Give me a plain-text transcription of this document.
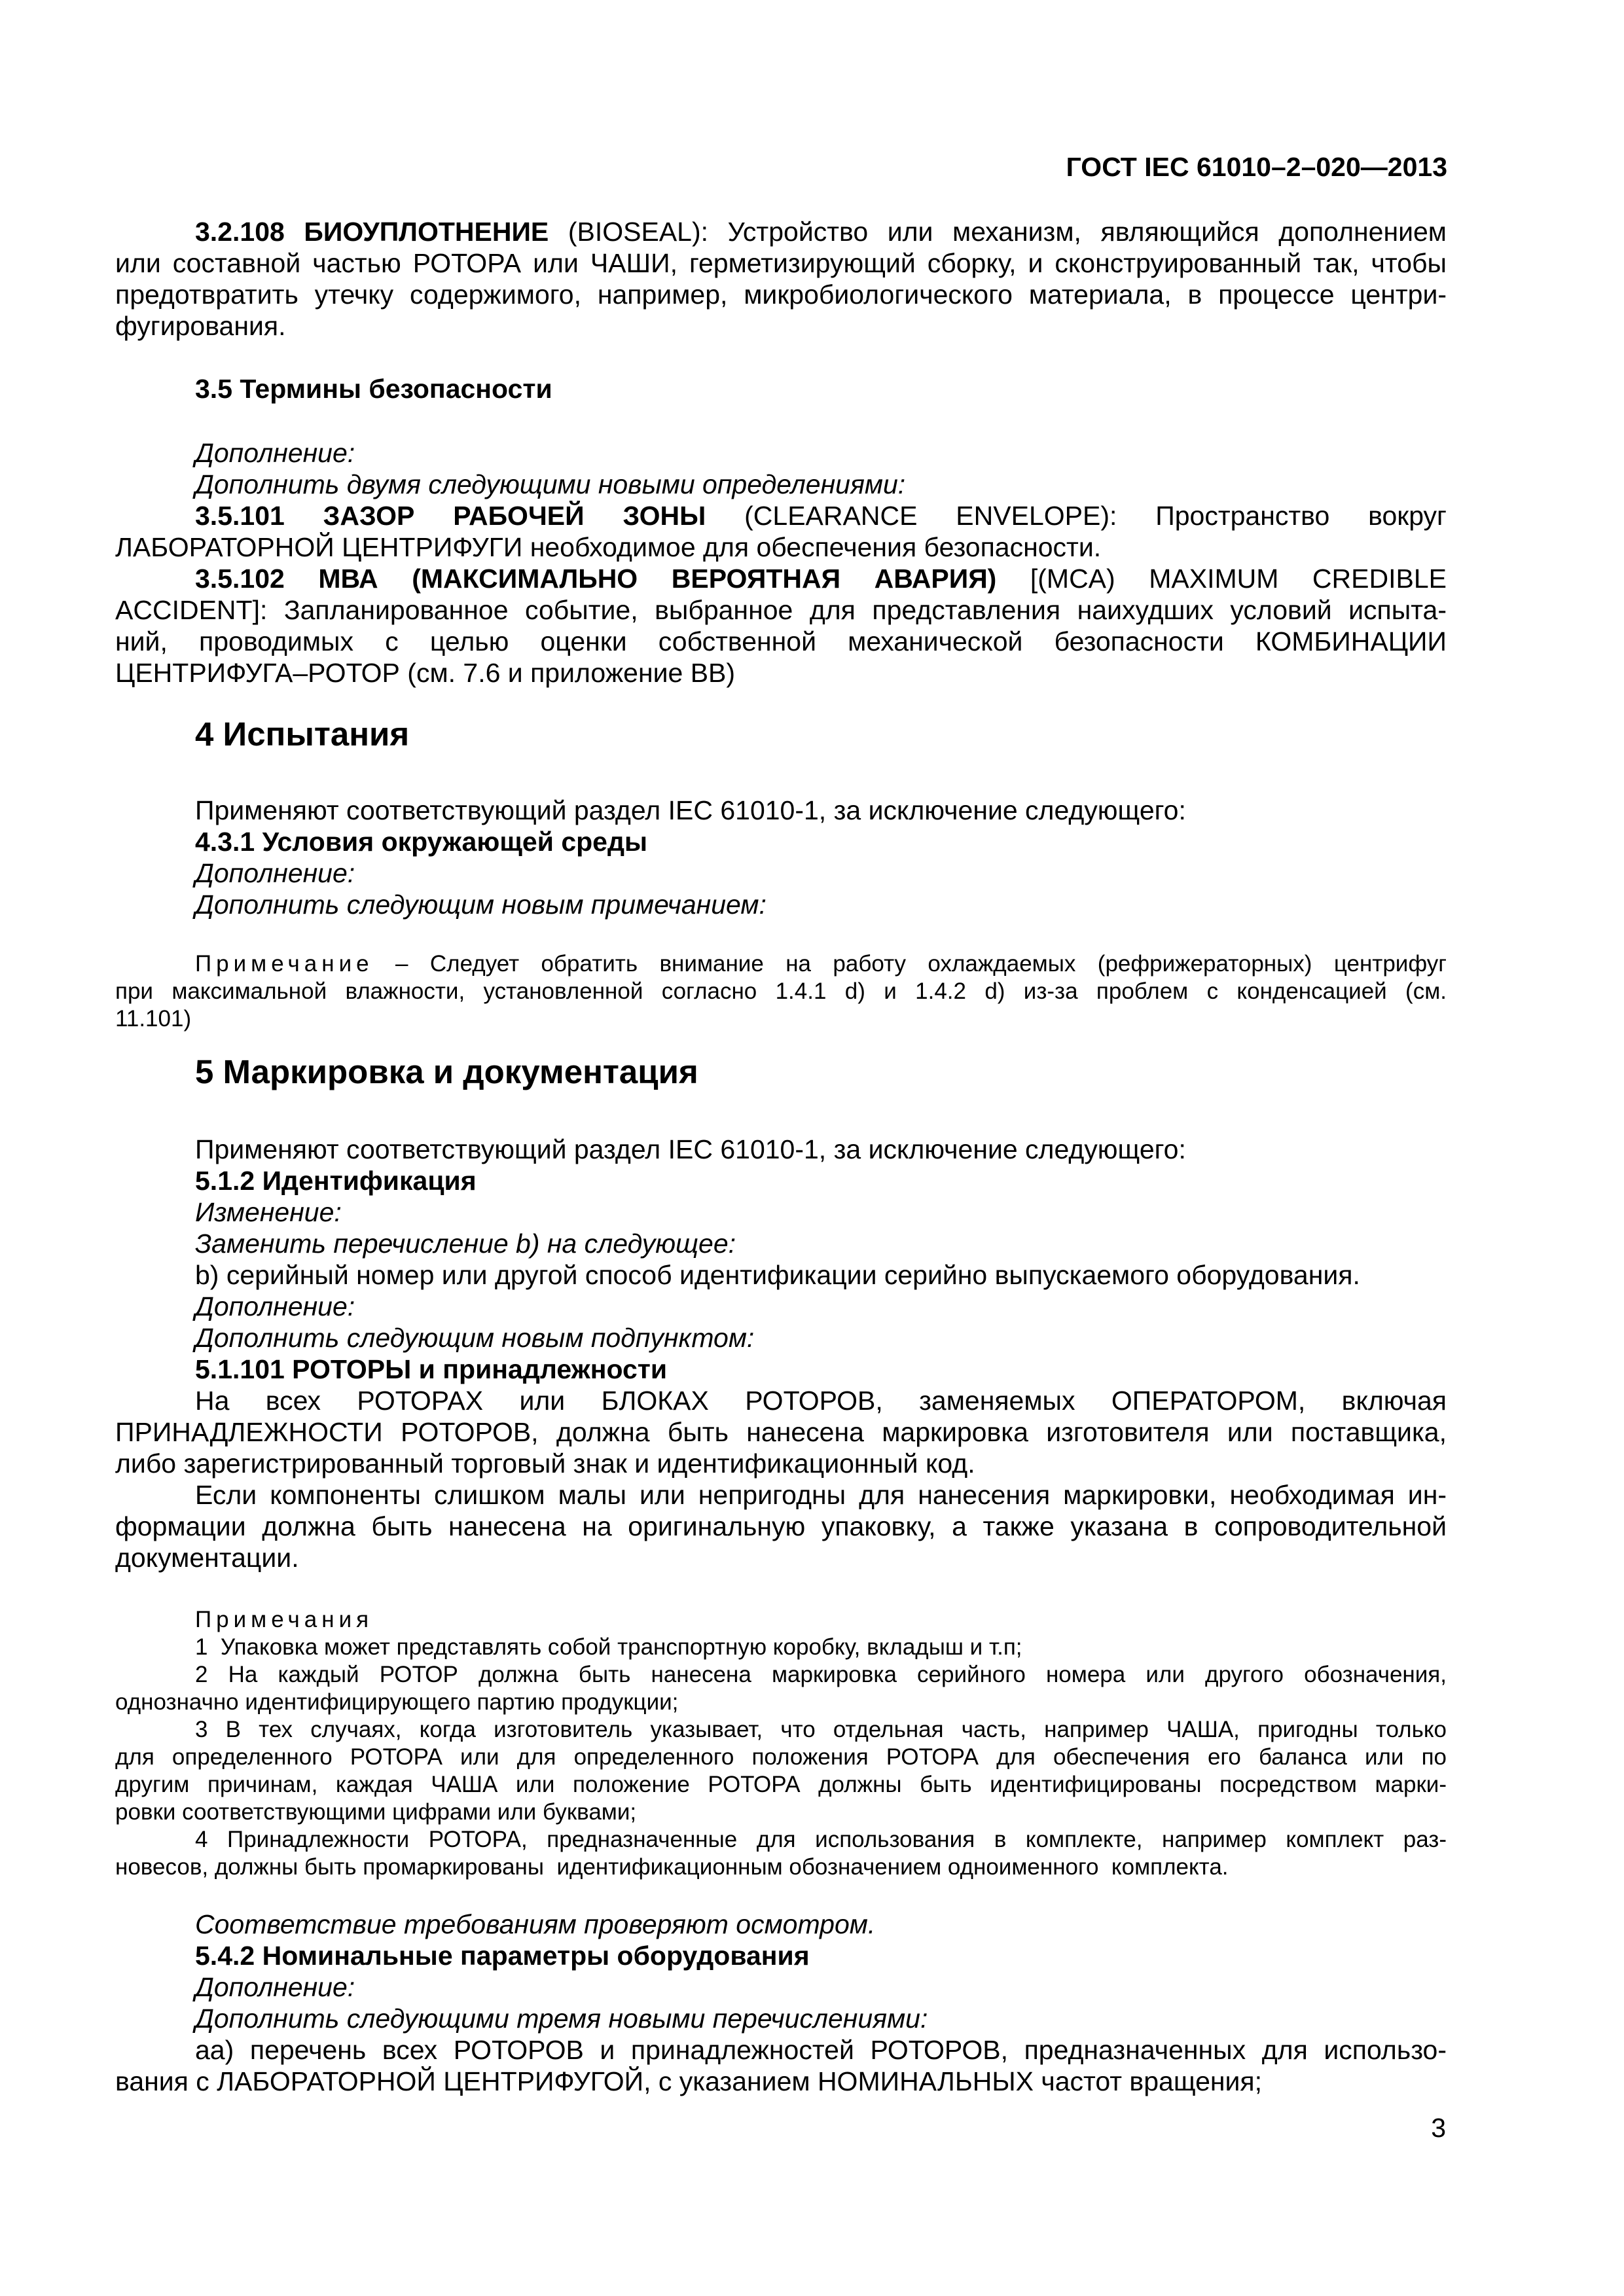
ГОСТ IEC 61010–2–020—2013
3.2.108 БИОУПЛОТНЕНИЕ (BIOSEAL): Устройство или механизм, являющийся дополнением
или составной частью РОТОРА или ЧАШИ, герметизирующий сборку, и сконструированный так, чтобы
предотвратить утечку содержимого, например, микробиологического материала, в процессе центри-
фугирования.
3.5 Термины безопасности
Дополнение:
Дополнить двумя следующими новыми определениями:
3.5.101 ЗАЗОР РАБОЧЕЙ ЗОНЫ (CLEARANCE ENVELOPE): Пространство вокруг
ЛАБОРАТОРНОЙ ЦЕНТРИФУГИ необходимое для обеспечения безопасности.
3.5.102 МВА (МАКСИМАЛЬНО ВЕРОЯТНАЯ АВАРИЯ) [(MCA) MAXIMUM CREDIBLE
ACCIDENT]: Запланированное событие, выбранное для представления наихудших условий испыта-
ний, проводимых с целью оценки собственной механической безопасности КОМБИНАЦИИ
ЦЕНТРИФУГА–РОТОР (см. 7.6 и приложение ВВ)
4 Испытания
Применяют соответствующий раздел IEC 61010-1, за исключение следующего:
4.3.1 Условия окружающей среды
Дополнение:
Дополнить следующим новым примечанием:
Примечание – Следует обратить внимание на работу охлаждаемых (рефрижераторных) центрифуг
при максимальной влажности, установленной согласно 1.4.1 d) и 1.4.2 d) из-за проблем с конденсацией (см.
11.101)
5 Маркировка и документация
Применяют соответствующий раздел IEC 61010-1, за исключение следующего:
5.1.2 Идентификация
Изменение:
Заменить перечисление b) на следующее:
b) серийный номер или другой способ идентификации серийно выпускаемого оборудования.
Дополнение:
Дополнить следующим новым подпунктом:
5.1.101 РОТОРЫ и принадлежности
На всех РОТОРАХ или БЛОКАХ РОТОРОВ, заменяемых ОПЕРАТОРОМ, включая
ПРИНАДЛЕЖНОСТИ РОТОРОВ, должна быть нанесена маркировка изготовителя или поставщика,
либо зарегистрированный торговый знак и идентификационный код.
Если компоненты слишком малы или непригодны для нанесения маркировки, необходимая ин-
формации должна быть нанесена на оригинальную упаковку, а также указана в сопроводительной
документации.
Примечания
1  Упаковка может представлять собой транспортную коробку, вкладыш и т.п;
2 На каждый РОТОР должна быть нанесена маркировка серийного номера или другого обозначения,
однозначно идентифицирующего партию продукции;
3 В тех случаях, когда изготовитель указывает, что отдельная часть, например ЧАША, пригодны только
для определенного РОТОРА или для определенного положения РОТОРА для обеспечения его баланса или по
другим причинам, каждая ЧАША или положение РОТОРА должны быть идентифицированы посредством марки-
ровки соответствующими цифрами или буквами;
4 Принадлежности РОТОРА, предназначенные для использования в комплекте, например комплект раз-
новесов, должны быть промаркированы  идентификационным обозначением одноименного  комплекта.
Соответствие требованиям проверяют осмотром.
5.4.2 Номинальные параметры оборудования
Дополнение:
Дополнить следующими тремя новыми перечислениями:
aa) перечень всех РОТОРОВ и принадлежностей РОТОРОВ, предназначенных для использо-
вания с ЛАБОРАТОРНОЙ ЦЕНТРИФУГОЙ, с указанием НОМИНАЛЬНЫХ частот вращения;
3
